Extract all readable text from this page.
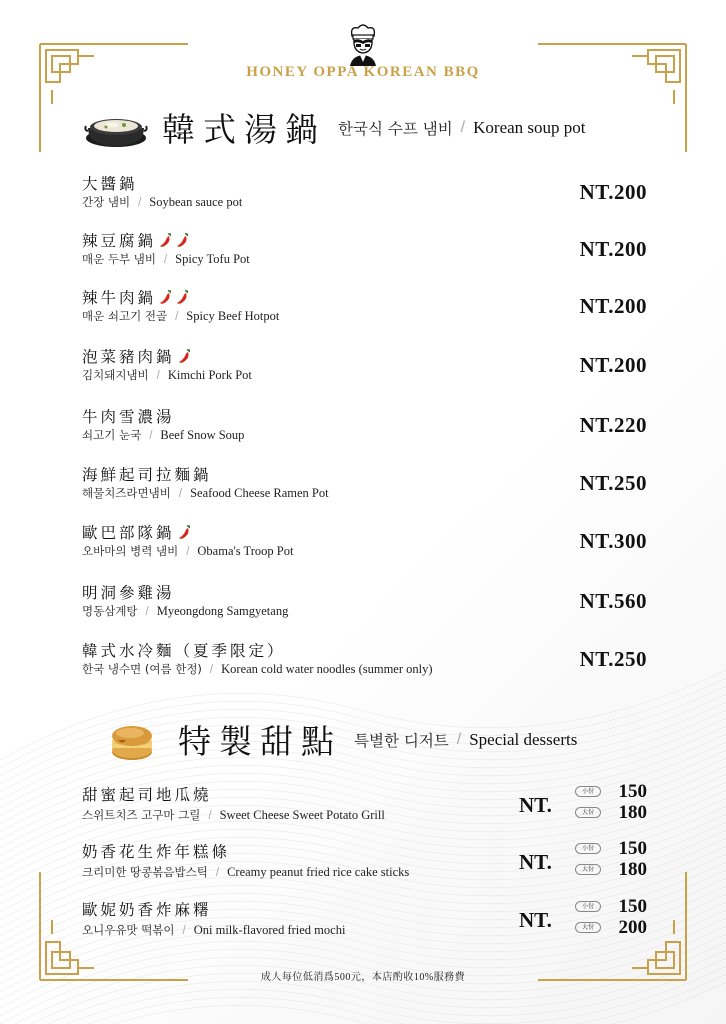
HONEY OPPA KOREAN BBQ
韓式湯鍋 한국식 수프 냄비 / Korean soup pot
大醬鍋
간장 냄비 / Soybean sauce pot	NT.200
辣豆腐鍋
매운 두부 냄비 / Spicy Tofu Pot	NT.200
辣牛肉鍋
매운 쇠고기 전골 / Spicy Beef Hotpot	NT.200
泡菜豬肉鍋
김치돼지냄비 / Kimchi Pork Pot	NT.200
牛肉雪濃湯
쇠고기 눈국 / Beef Snow Soup	NT.220
海鮮起司拉麵鍋
해물치즈라면냄비 / Seafood Cheese Ramen Pot	NT.250
歐巴部隊鍋
오바마의 병력 냄비 / Obama's Troop Pot	NT.300
明洞參雞湯
명동삼계탕 / Myeongdong Samgyetang	NT.560
韓式水冷麵（夏季限定）
한국 냉수면 (여름 한정) / Korean cold water noodles (summer only)	NT.250
特製甜點 특별한 디저트 / Special desserts
甜蜜起司地瓜燒
스위트치즈 고구마 그릴 / Sweet Cheese Sweet Potato Grill	NT.
小份	150
大份	180
奶香花生炸年糕條
크리미한 땅콩볶음밥스틱 / Creamy peanut fried rice cake sticks	NT.
小份	150
大份	180
歐妮奶香炸麻糬
오니우유맛 떡볶이 / Oni milk-flavored fried mochi	NT.
小份	150
大份	200
成人每位低消爲500元，本店酌收10%服務費
